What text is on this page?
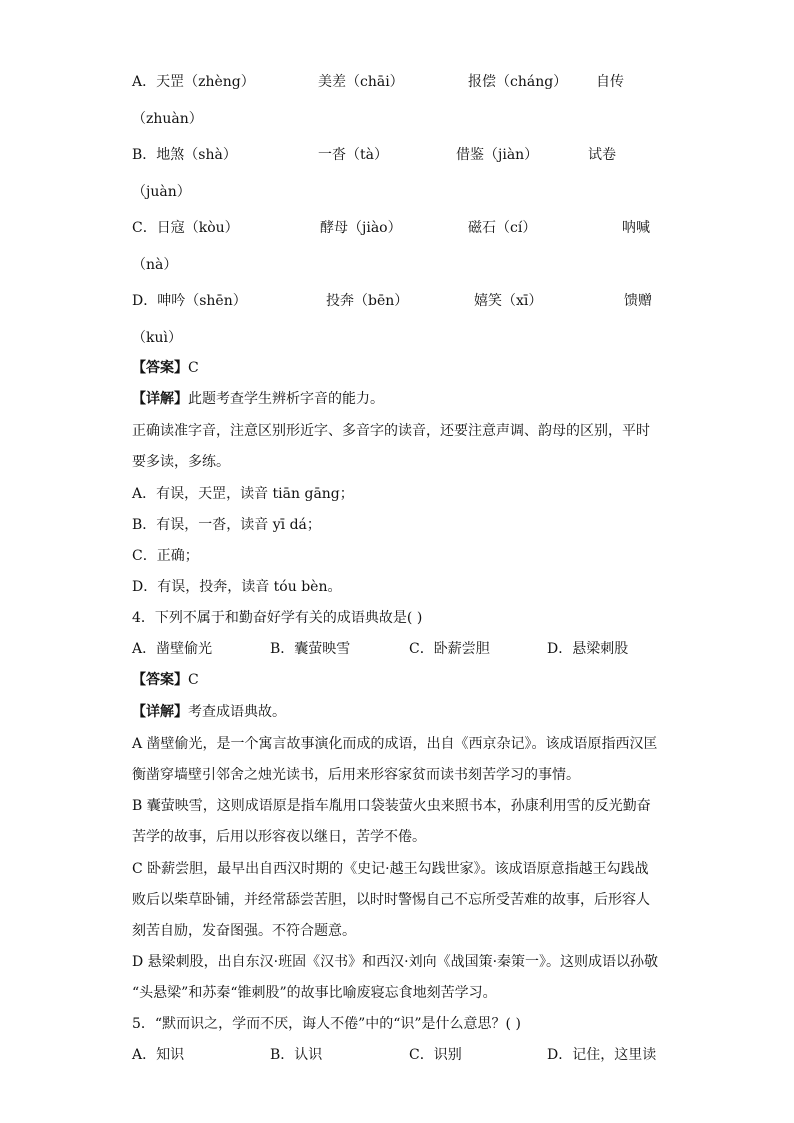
A．天罡（zhèng）	美差（chāi）	报偿（cháng） 自传
（zhuàn）
B．地煞（shà）	一沓（tà）	借鉴（jiàn）	试卷
（juàn）
C．日寇（kòu）	酵母（jiào）	磁石（cí）	呐喊
（nà）
D．呻吟（shēn）	投奔（bēn）	嬉笑（xī）	馈赠
（kuì）
【答案】C
【详解】此题考查学生辨析字音的能力。
正确读准字音，注意区别形近字、多音字的读音，还要注意声调、韵母的区别，平时
要多读，多练。
A．有误，天罡，读音 tiān gāng；
B．有误，一沓，读音 yī dá；
C．正确；
D．有误，投奔，读音 tóu bèn。
4．下列不属于和勤奋好学有关的成语典故是( )
A．凿壁偷光	B．囊萤映雪	C．卧薪尝胆	D．悬梁刺股
【答案】C
【详解】考查成语典故。
A 凿壁偷光，是一个寓言故事演化而成的成语，出自《西京杂记》。该成语原指西汉匡
衡凿穿墙壁引邻舍之烛光读书，后用来形容家贫而读书刻苦学习的事情。
B 囊萤映雪，这则成语原是指车胤用口袋装萤火虫来照书本，孙康利用雪的反光勤奋
苦学的故事，后用以形容夜以继日，苦学不倦。
C 卧薪尝胆，最早出自西汉时期的《史记·越王勾践世家》。该成语原意指越王勾践战
败后以柴草卧铺，并经常舔尝苦胆，以时时警惕自己不忘所受苦难的故事，后形容人
刻苦自励，发奋图强。不符合题意。
D 悬梁刺股，出自东汉·班固《汉书》和西汉·刘向《战国策·秦策一》。这则成语以孙敬
“头悬梁”和苏秦“锥刺股”的故事比喻废寝忘食地刻苦学习。
5．“默而识之，学而不厌，诲人不倦”中的“识”是什么意思？( )
A．知识	B．认识	C．识别	D．记住，这里读
